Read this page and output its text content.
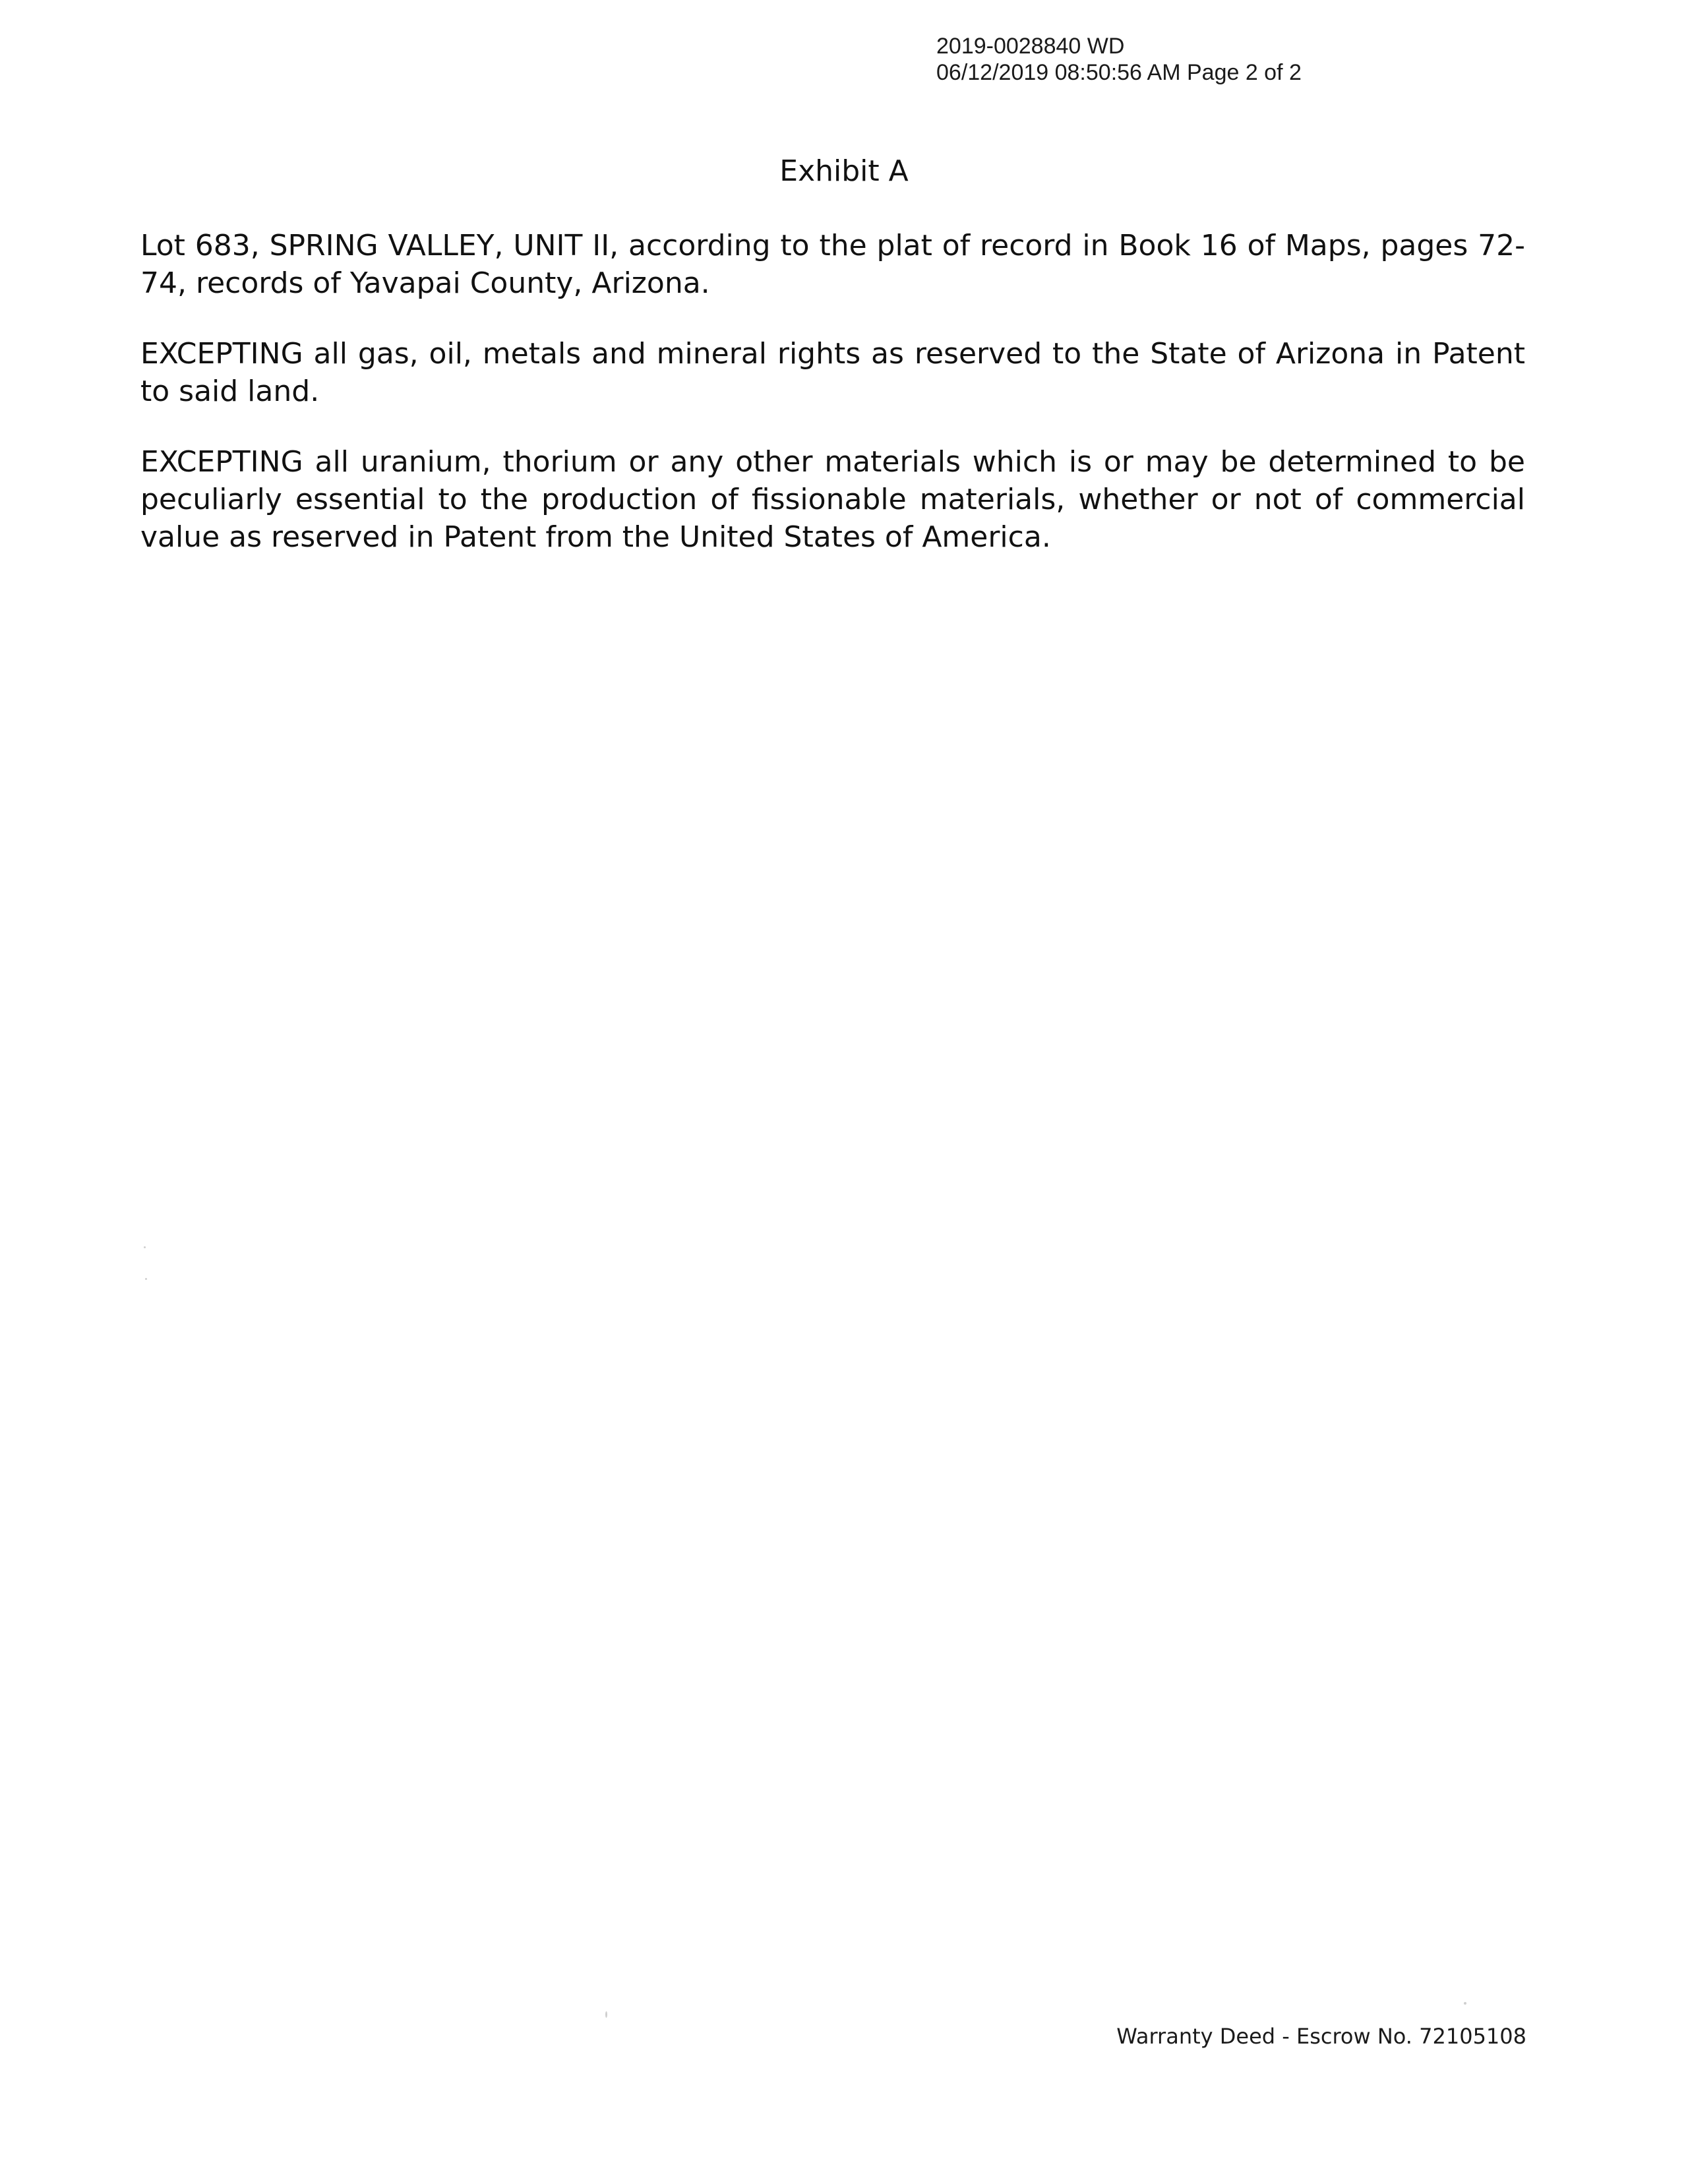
2019-0028840 WD
06/12/2019 08:50:56 AM Page 2 of 2
Exhibit A

Lot 683, SPRING VALLEY, UNIT II, according to the plat of record in Book 16 of Maps, pages 72-74, records of Yavapai County, Arizona.

EXCEPTING all gas, oil, metals and mineral rights as reserved to the State of Arizona in Patent to said land.

EXCEPTING all uranium, thorium or any other materials which is or may be determined to be peculiarly essential to the production of fissionable materials, whether or not of commercial value as reserved in Patent from the United States of America.

Warranty Deed - Escrow No. 72105108
